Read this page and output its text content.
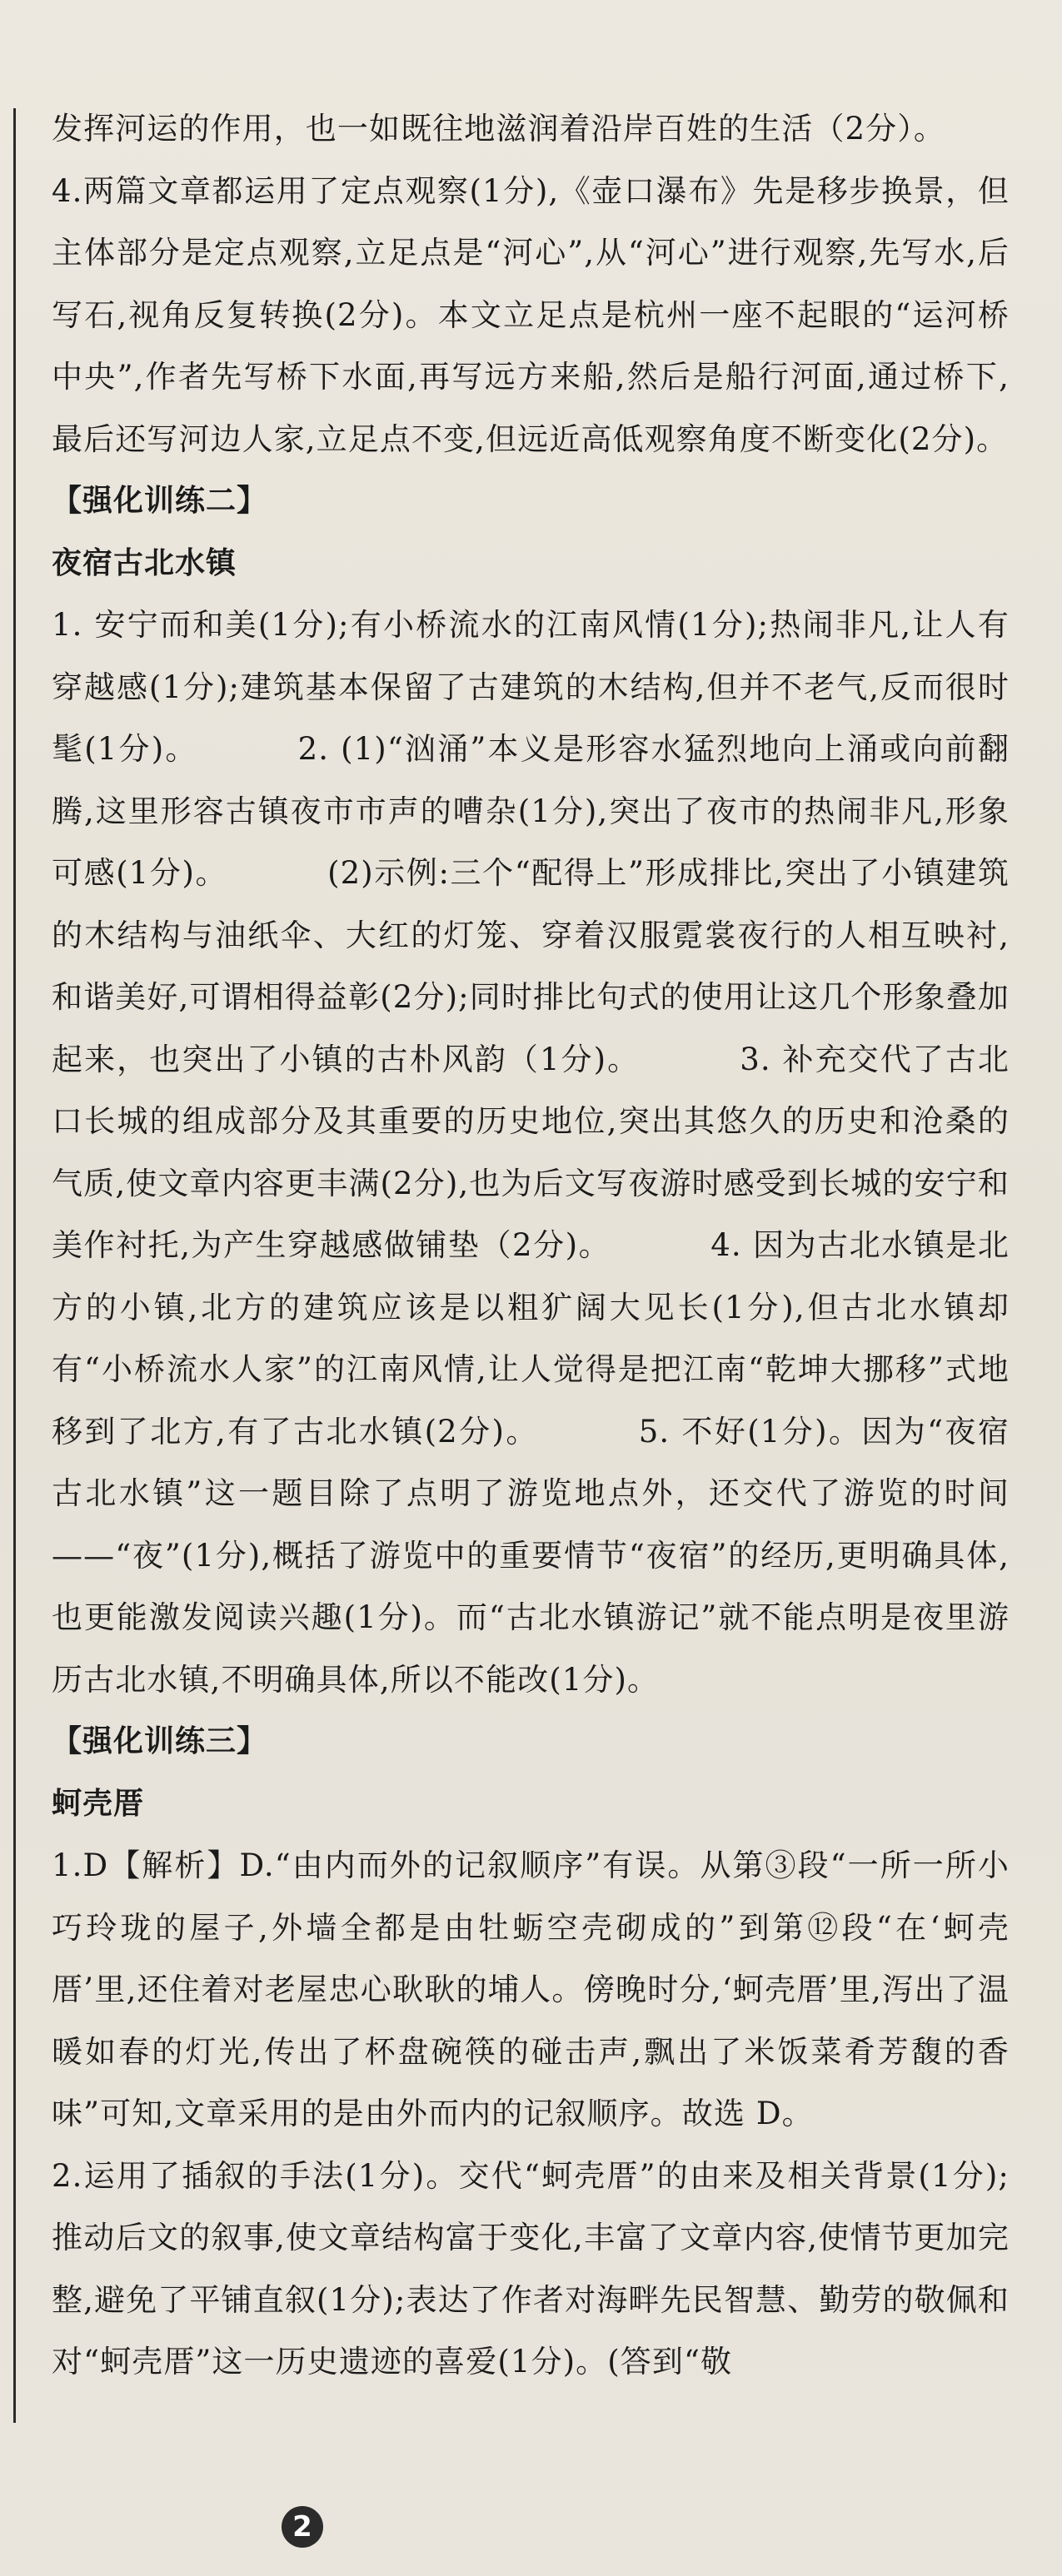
发挥河运的作用，也一如既往地滋润着沿岸百姓的生活（2分）。

4.两篇文章都运用了定点观察(1分),《壶口瀑布》先是移步换景，但主体部分是定点观察,立足点是“河心”,从“河心”进行观察,先写水,后写石,视角反复转换(2分)。本文立足点是杭州一座不起眼的“运河桥中央”,作者先写桥下水面,再写远方来船,然后是船行河面,通过桥下,最后还写河边人家,立足点不变,但远近高低观察角度不断变化(2分)。

【强化训练二】

夜宿古北水镇

1. 安宁而和美(1分);有小桥流水的江南风情(1分);热闹非凡,让人有穿越感(1分);建筑基本保留了古建筑的木结构,但并不老气,反而很时髦(1分)。	2. (1)“汹涌”本义是形容水猛烈地向上涌或向前翻腾,这里形容古镇夜市市声的嘈杂(1分),突出了夜市的热闹非凡,形象可感(1分)。	(2)示例:三个“配得上”形成排比,突出了小镇建筑的木结构与油纸伞、大红的灯笼、穿着汉服霓裳夜行的人相互映衬,和谐美好,可谓相得益彰(2分);同时排比句式的使用让这几个形象叠加起来，也突出了小镇的古朴风韵（1分)。	3. 补充交代了古北口长城的组成部分及其重要的历史地位,突出其悠久的历史和沧桑的气质,使文章内容更丰满(2分),也为后文写夜游时感受到长城的安宁和美作衬托,为产生穿越感做铺垫（2分)。	4. 因为古北水镇是北方的小镇,北方的建筑应该是以粗犷阔大见长(1分),但古北水镇却有“小桥流水人家”的江南风情,让人觉得是把江南“乾坤大挪移”式地移到了北方,有了古北水镇(2分)。	5. 不好(1分)。因为“夜宿古北水镇”这一题目除了点明了游览地点外，还交代了游览的时间——“夜”(1分),概括了游览中的重要情节“夜宿”的经历,更明确具体,也更能激发阅读兴趣(1分)。而“古北水镇游记”就不能点明是夜里游历古北水镇,不明确具体,所以不能改(1分)。

【强化训练三】

蚵壳厝

1.D【解析】D.“由内而外的记叙顺序”有误。从第③段“一所一所小巧玲珑的屋子,外墙全都是由牡蛎空壳砌成的”到第⑫段“在‘蚵壳厝’里,还住着对老屋忠心耿耿的埔人。傍晚时分,‘蚵壳厝’里,泻出了温暖如春的灯光,传出了杯盘碗筷的碰击声,飘出了米饭菜肴芳馥的香味”可知,文章采用的是由外而内的记叙顺序。故选 D。

2.运用了插叙的手法(1分)。交代“蚵壳厝”的由来及相关背景(1分);推动后文的叙事,使文章结构富于变化,丰富了文章内容,使情节更加完整,避免了平铺直叙(1分);表达了作者对海畔先民智慧、勤劳的敬佩和对“蚵壳厝”这一历史遗迹的喜爱(1分)。(答到“敬

2
